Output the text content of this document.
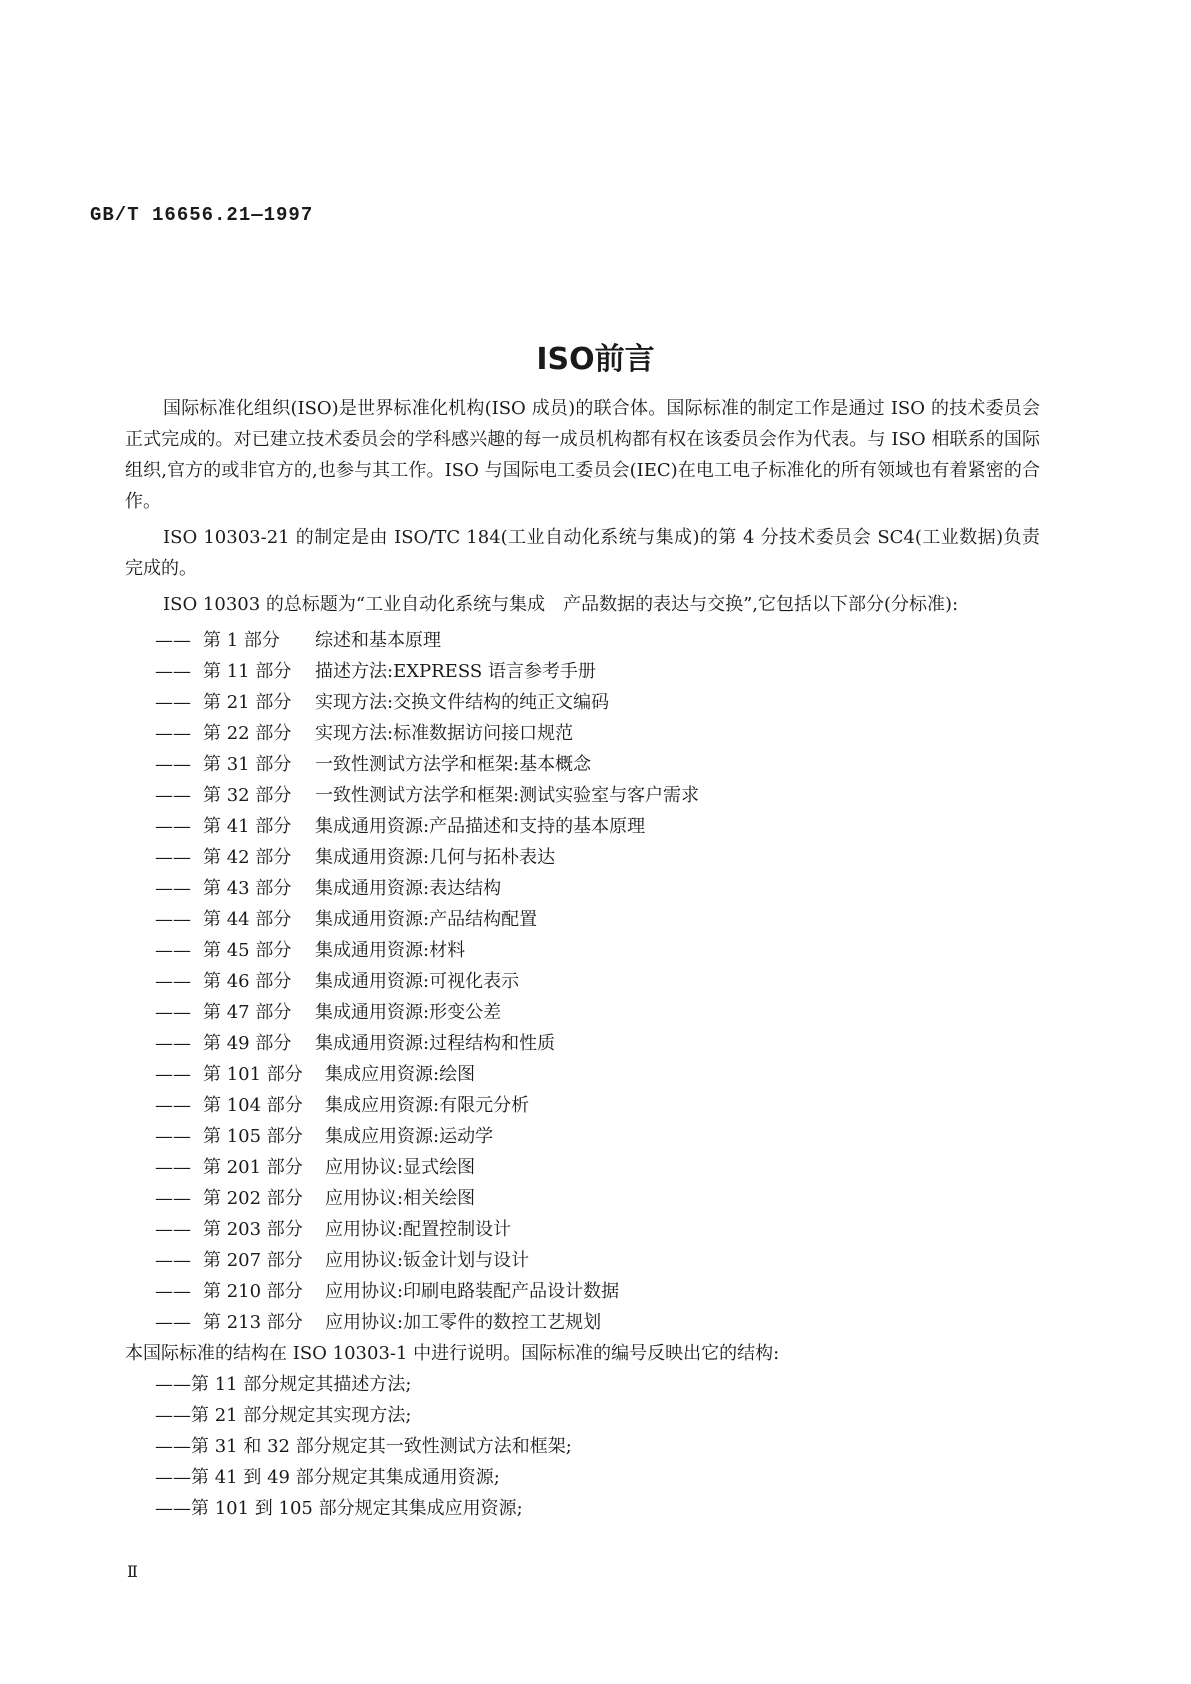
GB/T 16656.21—1997
ISO前言

国际标准化组织(ISO)是世界标准化机构(ISO 成员)的联合体。国际标准的制定工作是通过 ISO 的技术委员会正式完成的。对已建立技术委员会的学科感兴趣的每一成员机构都有权在该委员会作为代表。与 ISO 相联系的国际组织,官方的或非官方的,也参与其工作。ISO 与国际电工委员会(IEC)在电工电子标准化的所有领域也有着紧密的合作。

ISO 10303-21 的制定是由 ISO/TC 184(工业自动化系统与集成)的第 4 分技术委员会 SC4(工业数据)负责完成的。

ISO 10303 的总标题为“工业自动化系统与集成　产品数据的表达与交换”,它包括以下部分(分标准):

—— 第 1 部分	综述和基本原理
—— 第 11 部分	描述方法:EXPRESS 语言参考手册
—— 第 21 部分	实现方法:交换文件结构的纯正文编码
—— 第 22 部分	实现方法:标准数据访问接口规范
—— 第 31 部分	一致性测试方法学和框架:基本概念
—— 第 32 部分	一致性测试方法学和框架:测试实验室与客户需求
—— 第 41 部分	集成通用资源:产品描述和支持的基本原理
—— 第 42 部分	集成通用资源:几何与拓朴表达
—— 第 43 部分	集成通用资源:表达结构
—— 第 44 部分	集成通用资源:产品结构配置
—— 第 45 部分	集成通用资源:材料
—— 第 46 部分	集成通用资源:可视化表示
—— 第 47 部分	集成通用资源:形变公差
—— 第 49 部分	集成通用资源:过程结构和性质
—— 第 101 部分	集成应用资源:绘图
—— 第 104 部分	集成应用资源:有限元分析
—— 第 105 部分	集成应用资源:运动学
—— 第 201 部分	应用协议:显式绘图
—— 第 202 部分	应用协议:相关绘图
—— 第 203 部分	应用协议:配置控制设计
—— 第 207 部分	应用协议:钣金计划与设计
—— 第 210 部分	应用协议:印刷电路装配产品设计数据
—— 第 213 部分	应用协议:加工零件的数控工艺规划
本国际标准的结构在 ISO 10303-1 中进行说明。国际标准的编号反映出它的结构:
——第 11 部分规定其描述方法;
——第 21 部分规定其实现方法;
——第 31 和 32 部分规定其一致性测试方法和框架;
——第 41 到 49 部分规定其集成通用资源;
——第 101 到 105 部分规定其集成应用资源;
Ⅱ
